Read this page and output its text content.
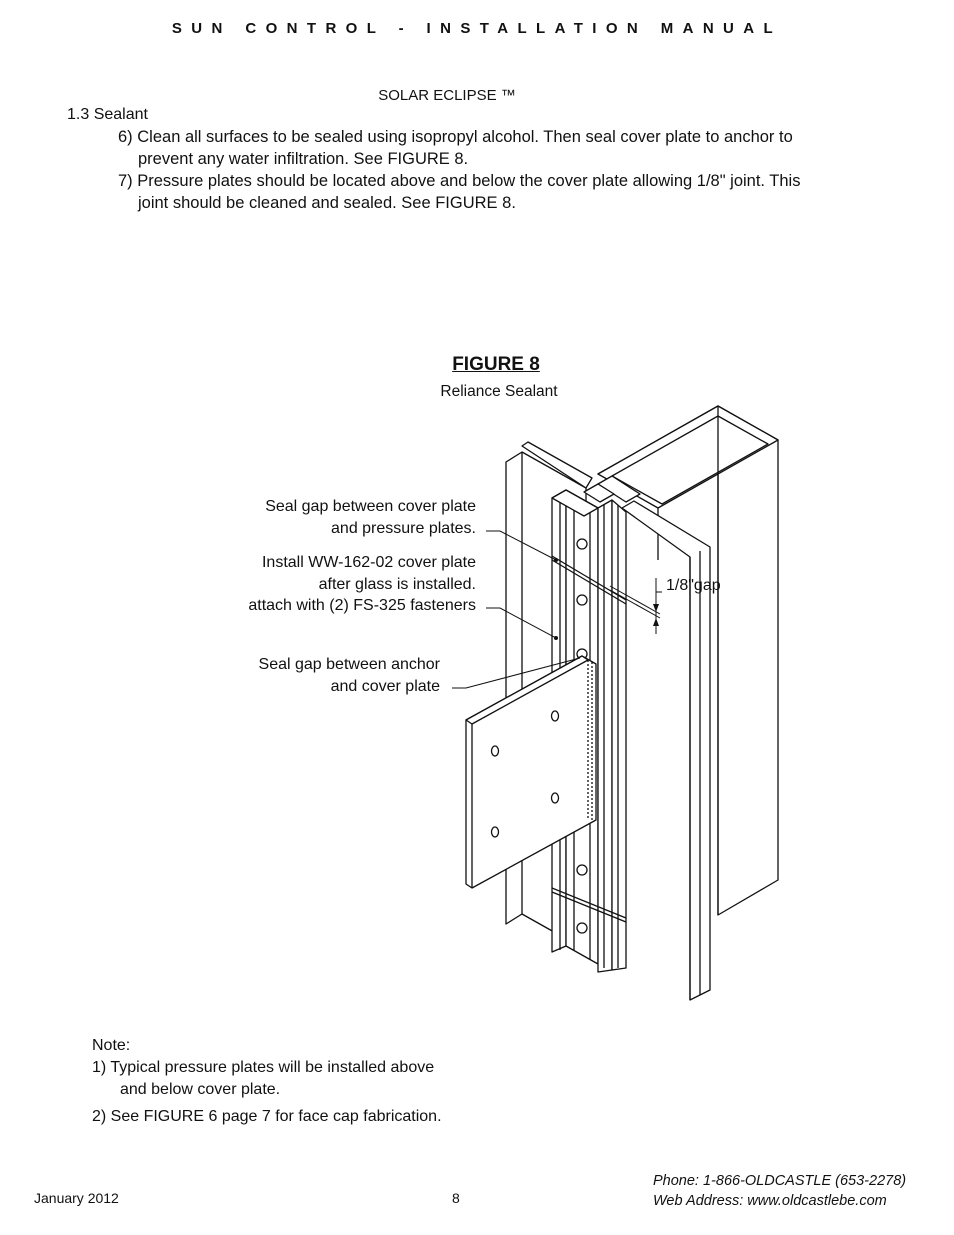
SUN CONTROL - INSTALLATION MANUAL
SOLAR ECLIPSE ™
1.3 Sealant
6) Clean all surfaces to be sealed using isopropyl alcohol. Then seal cover plate to anchor to
prevent any water infiltration. See FIGURE 8.
7) Pressure plates should be located above and below the cover plate allowing 1/8" joint. This
joint should be cleaned and sealed. See FIGURE 8.
FIGURE 8
Reliance Sealant
Seal gap between cover plate
and pressure plates.
Install WW-162-02 cover plate
after glass is installed.
attach with (2) FS-325 fasteners
Seal gap between anchor
and cover plate
1/8"gap
Note:
1) Typical pressure plates will be installed above
and below cover plate.
2) See FIGURE 6 page 7 for face cap fabrication.
January 2012	8
Phone: 1-866-OLDCASTLE (653-2278)
Web Address: www.oldcastlebe.com
